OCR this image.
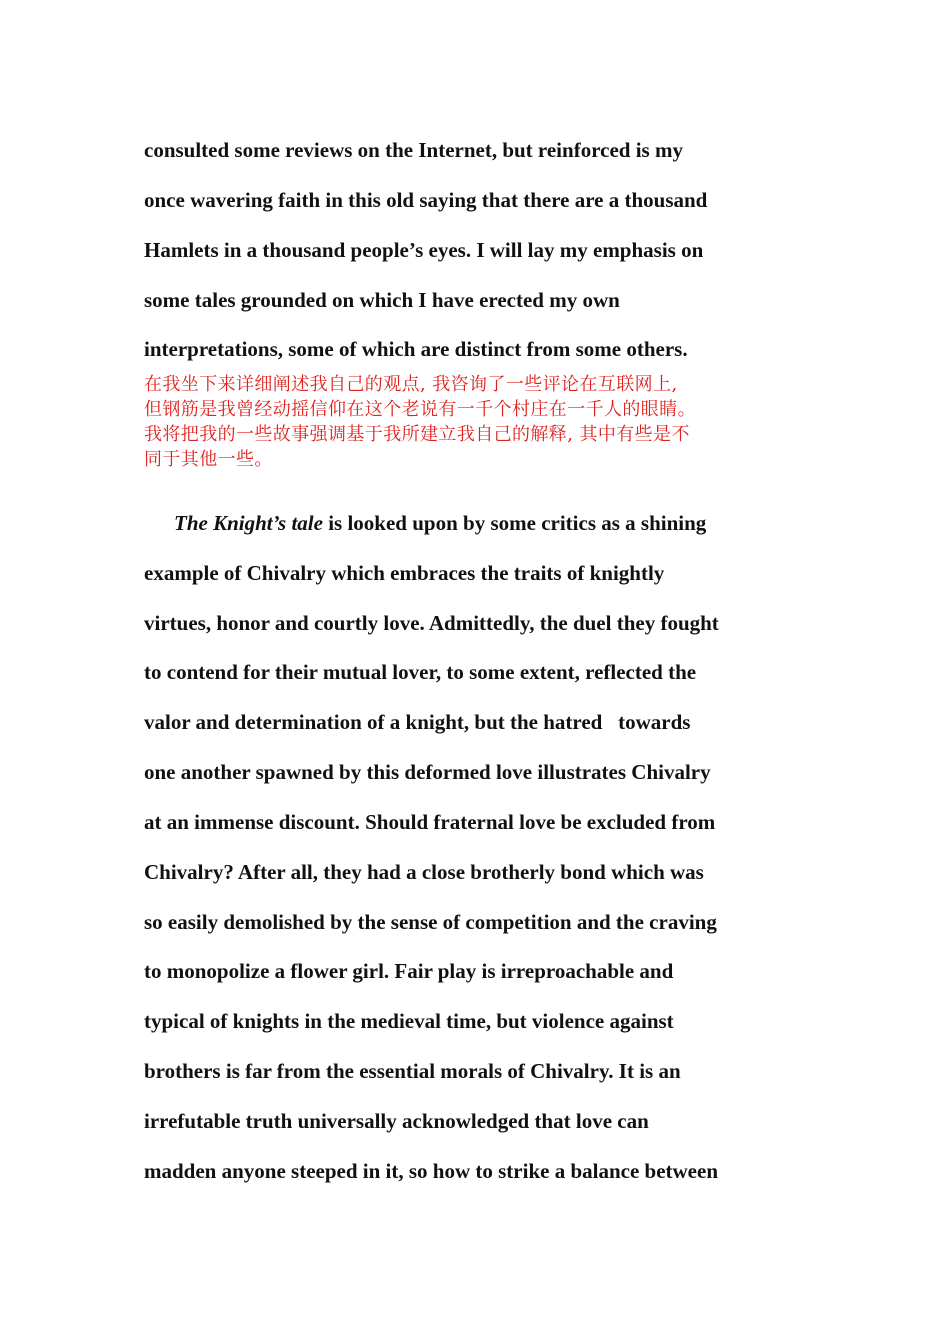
consulted some reviews on the Internet, but reinforced is my
once wavering faith in this old saying that there are a thousand
Hamlets in a thousand people’s eyes. I will lay my emphasis on
some tales grounded on which I have erected my own
interpretations, some of which are distinct from some others.
在我坐下来详细阐述我自己的观点, 我咨询了一些评论在互联网上,
但钢筋是我曾经动摇信仰在这个老说有一千个村庄在一千人的眼睛。
我将把我的一些故事强调基于我所建立我自己的解释, 其中有些是不
同于其他一些。
The Knight’s tale is looked upon by some critics as a shining
example of Chivalry which embraces the traits of knightly
virtues, honor and courtly love. Admittedly, the duel they fought
to contend for their mutual lover, to some extent, reflected the
valor and determination of a knight, but the hatred   towards
one another spawned by this deformed love illustrates Chivalry
at an immense discount. Should fraternal love be excluded from
Chivalry? After all, they had a close brotherly bond which was
so easily demolished by the sense of competition and the craving
to monopolize a flower girl. Fair play is irreproachable and
typical of knights in the medieval time, but violence against
brothers is far from the essential morals of Chivalry. It is an
irrefutable truth universally acknowledged that love can
madden anyone steeped in it, so how to strike a balance between
